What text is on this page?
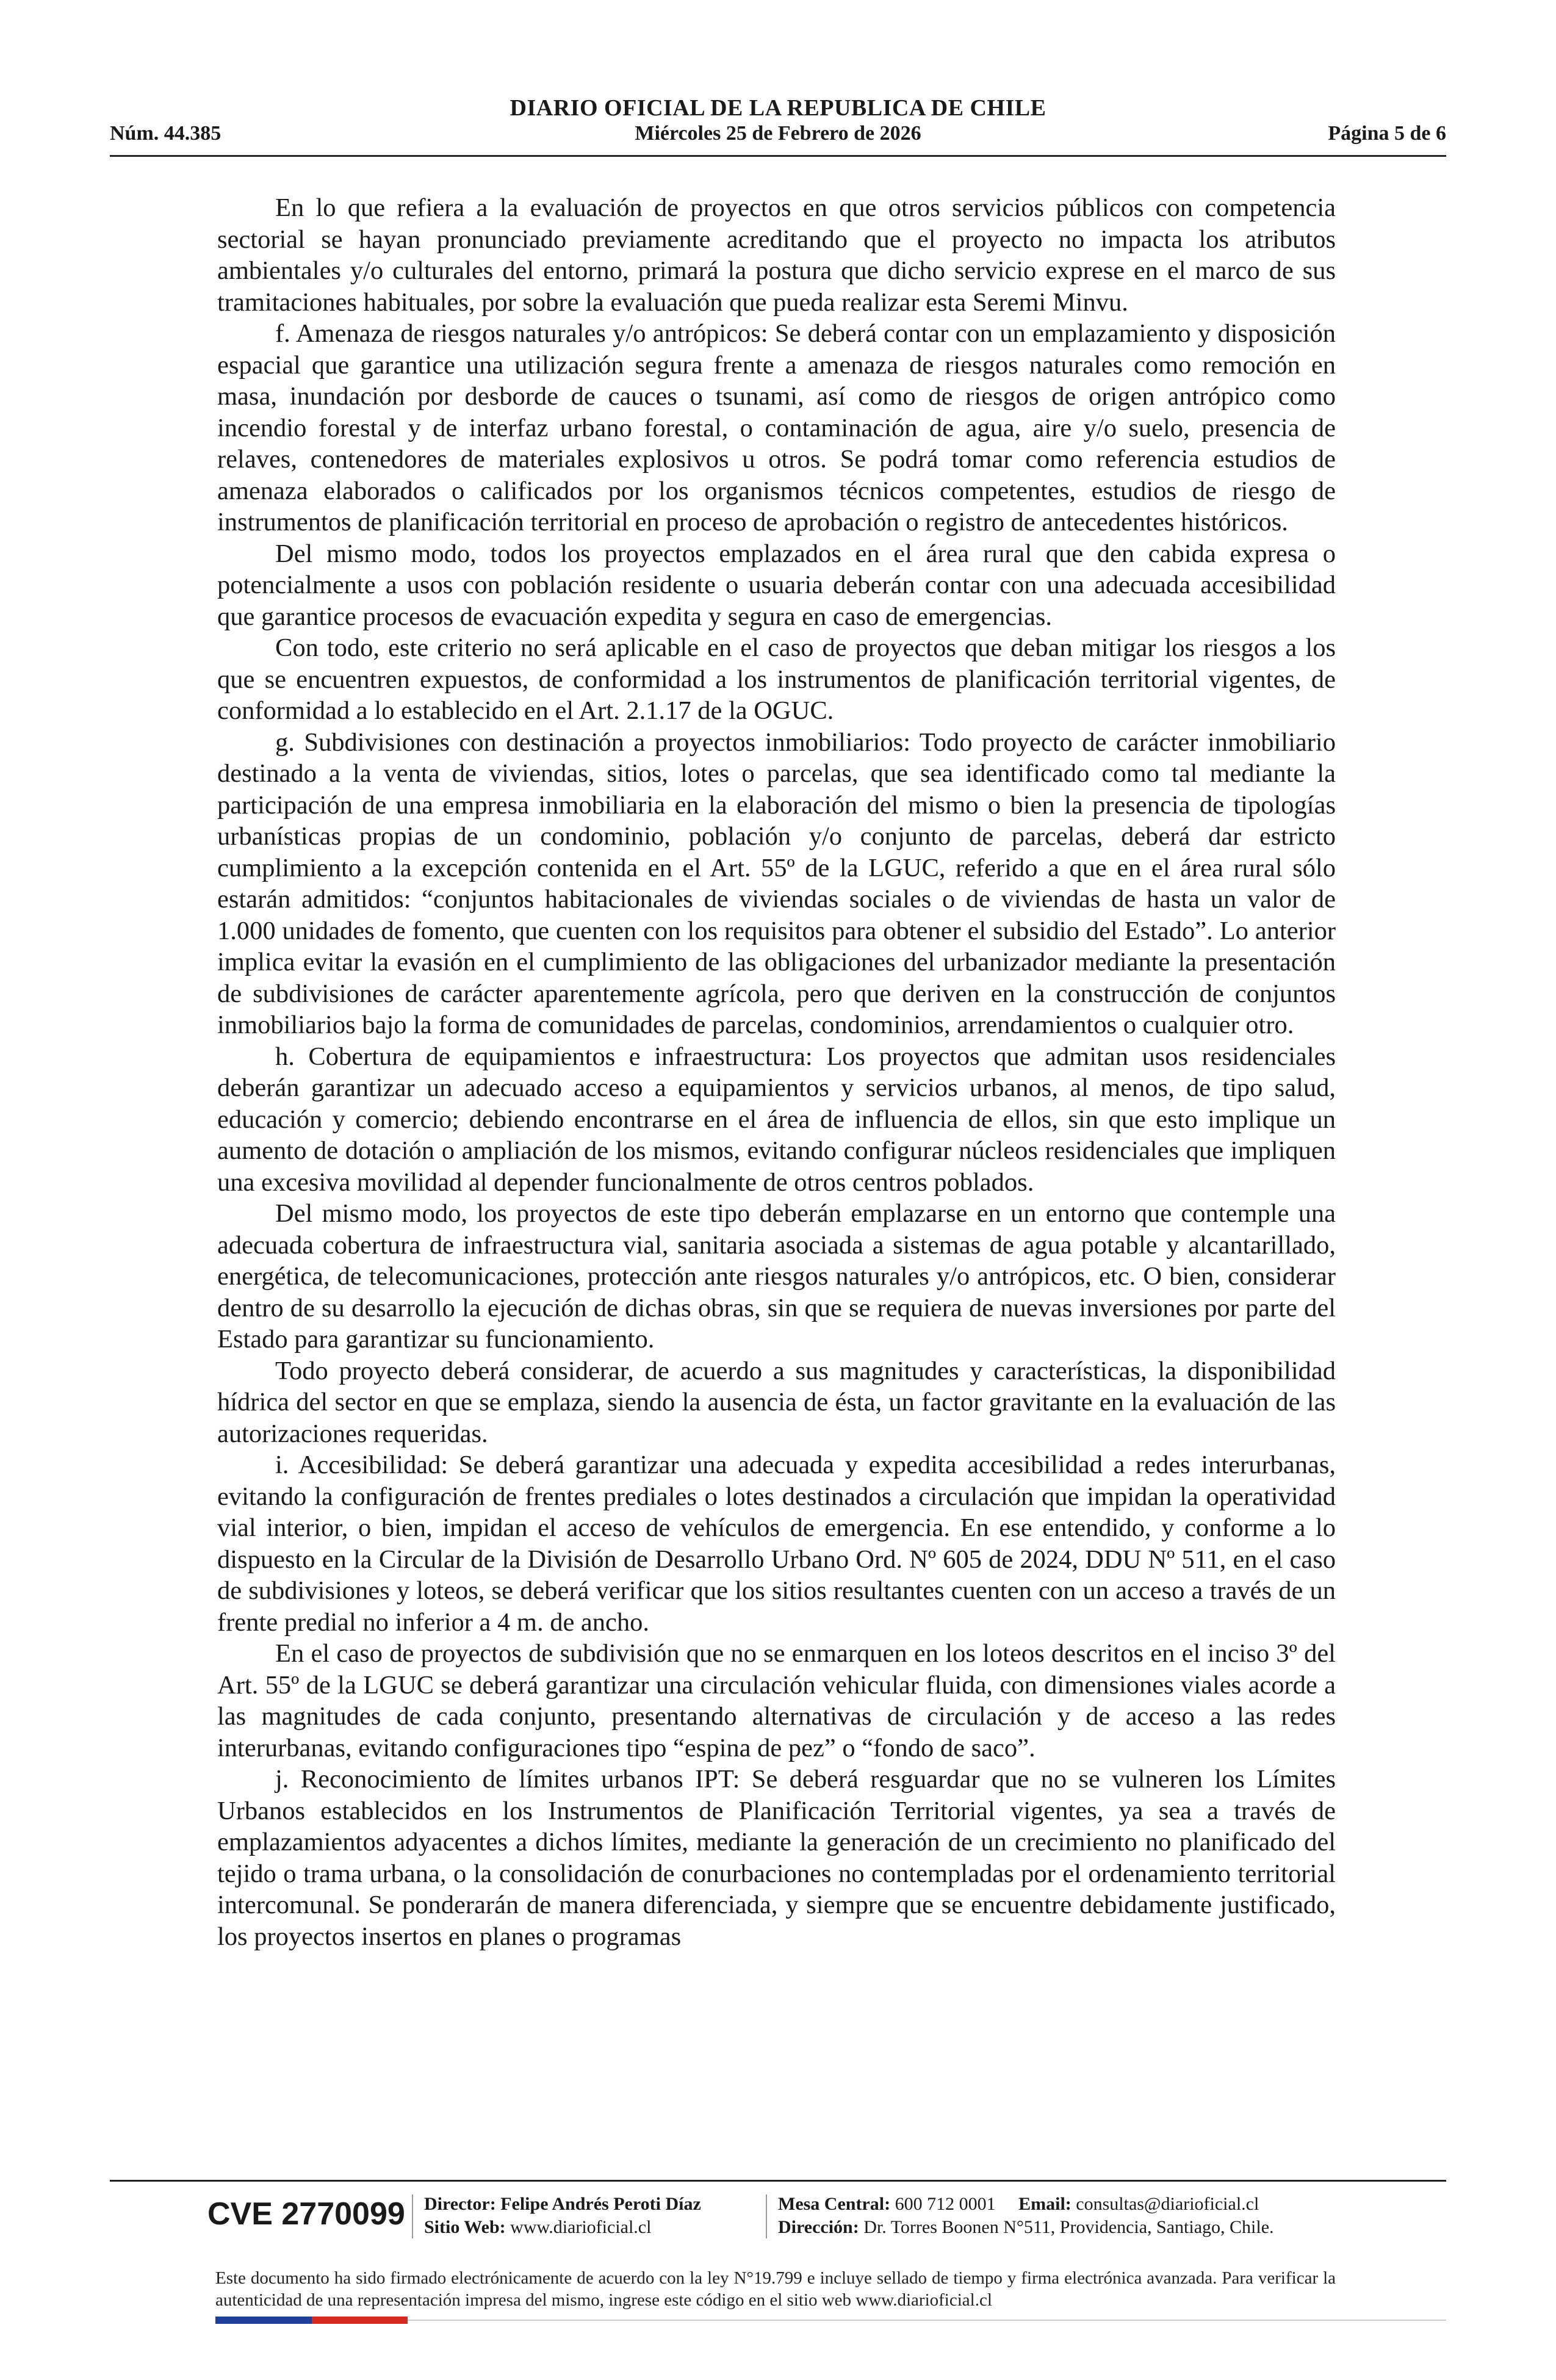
DIARIO OFICIAL DE LA REPUBLICA DE CHILE
Núm. 44.385	Miércoles 25 de Febrero de 2026	Página 5 de 6

En lo que refiera a la evaluación de proyectos en que otros servicios públicos con competencia sectorial se hayan pronunciado previamente acreditando que el proyecto no impacta los atributos ambientales y/o culturales del entorno, primará la postura que dicho servicio exprese en el marco de sus tramitaciones habituales, por sobre la evaluación que pueda realizar esta Seremi Minvu.

f. Amenaza de riesgos naturales y/o antrópicos: Se deberá contar con un emplazamiento y disposición espacial que garantice una utilización segura frente a amenaza de riesgos naturales como remoción en masa, inundación por desborde de cauces o tsunami, así como de riesgos de origen antrópico como incendio forestal y de interfaz urbano forestal, o contaminación de agua, aire y/o suelo, presencia de relaves, contenedores de materiales explosivos u otros. Se podrá tomar como referencia estudios de amenaza elaborados o calificados por los organismos técnicos competentes, estudios de riesgo de instrumentos de planificación territorial en proceso de aprobación o registro de antecedentes históricos.

Del mismo modo, todos los proyectos emplazados en el área rural que den cabida expresa o potencialmente a usos con población residente o usuaria deberán contar con una adecuada accesibilidad que garantice procesos de evacuación expedita y segura en caso de emergencias.

Con todo, este criterio no será aplicable en el caso de proyectos que deban mitigar los riesgos a los que se encuentren expuestos, de conformidad a los instrumentos de planificación territorial vigentes, de conformidad a lo establecido en el Art. 2.1.17 de la OGUC.

g. Subdivisiones con destinación a proyectos inmobiliarios: Todo proyecto de carácter inmobiliario destinado a la venta de viviendas, sitios, lotes o parcelas, que sea identificado como tal mediante la participación de una empresa inmobiliaria en la elaboración del mismo o bien la presencia de tipologías urbanísticas propias de un condominio, población y/o conjunto de parcelas, deberá dar estricto cumplimiento a la excepción contenida en el Art. 55º de la LGUC, referido a que en el área rural sólo estarán admitidos: “conjuntos habitacionales de viviendas sociales o de viviendas de hasta un valor de 1.000 unidades de fomento, que cuenten con los requisitos para obtener el subsidio del Estado”. Lo anterior implica evitar la evasión en el cumplimiento de las obligaciones del urbanizador mediante la presentación de subdivisiones de carácter aparentemente agrícola, pero que deriven en la construcción de conjuntos inmobiliarios bajo la forma de comunidades de parcelas, condominios, arrendamientos o cualquier otro.

h. Cobertura de equipamientos e infraestructura: Los proyectos que admitan usos residenciales deberán garantizar un adecuado acceso a equipamientos y servicios urbanos, al menos, de tipo salud, educación y comercio; debiendo encontrarse en el área de influencia de ellos, sin que esto implique un aumento de dotación o ampliación de los mismos, evitando configurar núcleos residenciales que impliquen una excesiva movilidad al depender funcionalmente de otros centros poblados.

Del mismo modo, los proyectos de este tipo deberán emplazarse en un entorno que contemple una adecuada cobertura de infraestructura vial, sanitaria asociada a sistemas de agua potable y alcantarillado, energética, de telecomunicaciones, protección ante riesgos naturales y/o antrópicos, etc. O bien, considerar dentro de su desarrollo la ejecución de dichas obras, sin que se requiera de nuevas inversiones por parte del Estado para garantizar su funcionamiento.

Todo proyecto deberá considerar, de acuerdo a sus magnitudes y características, la disponibilidad hídrica del sector en que se emplaza, siendo la ausencia de ésta, un factor gravitante en la evaluación de las autorizaciones requeridas.

i. Accesibilidad: Se deberá garantizar una adecuada y expedita accesibilidad a redes interurbanas, evitando la configuración de frentes prediales o lotes destinados a circulación que impidan la operatividad vial interior, o bien, impidan el acceso de vehículos de emergencia. En ese entendido, y conforme a lo dispuesto en la Circular de la División de Desarrollo Urbano Ord. Nº 605 de 2024, DDU Nº 511, en el caso de subdivisiones y loteos, se deberá verificar que los sitios resultantes cuenten con un acceso a través de un frente predial no inferior a 4 m. de ancho.

En el caso de proyectos de subdivisión que no se enmarquen en los loteos descritos en el inciso 3º del Art. 55º de la LGUC se deberá garantizar una circulación vehicular fluida, con dimensiones viales acorde a las magnitudes de cada conjunto, presentando alternativas de circulación y de acceso a las redes interurbanas, evitando configuraciones tipo “espina de pez” o “fondo de saco”.

j. Reconocimiento de límites urbanos IPT: Se deberá resguardar que no se vulneren los Límites Urbanos establecidos en los Instrumentos de Planificación Territorial vigentes, ya sea a través de emplazamientos adyacentes a dichos límites, mediante la generación de un crecimiento no planificado del tejido o trama urbana, o la consolidación de conurbaciones no contempladas por el ordenamiento territorial intercomunal. Se ponderarán de manera diferenciada, y siempre que se encuentre debidamente justificado, los proyectos insertos en planes o programas

CVE 2770099 Director: Felipe Andrés Peroti Díaz
Sitio Web: www.diarioficial.cl
Mesa Central: 600 712 0001 Email: consultas@diarioficial.cl
Dirección: Dr. Torres Boonen N°511, Providencia, Santiago, Chile.
Este documento ha sido firmado electrónicamente de acuerdo con la ley N°19.799 e incluye sellado de tiempo y firma electrónica avanzada. Para verificar la autenticidad de una representación impresa del mismo, ingrese este código en el sitio web www.diarioficial.cl
